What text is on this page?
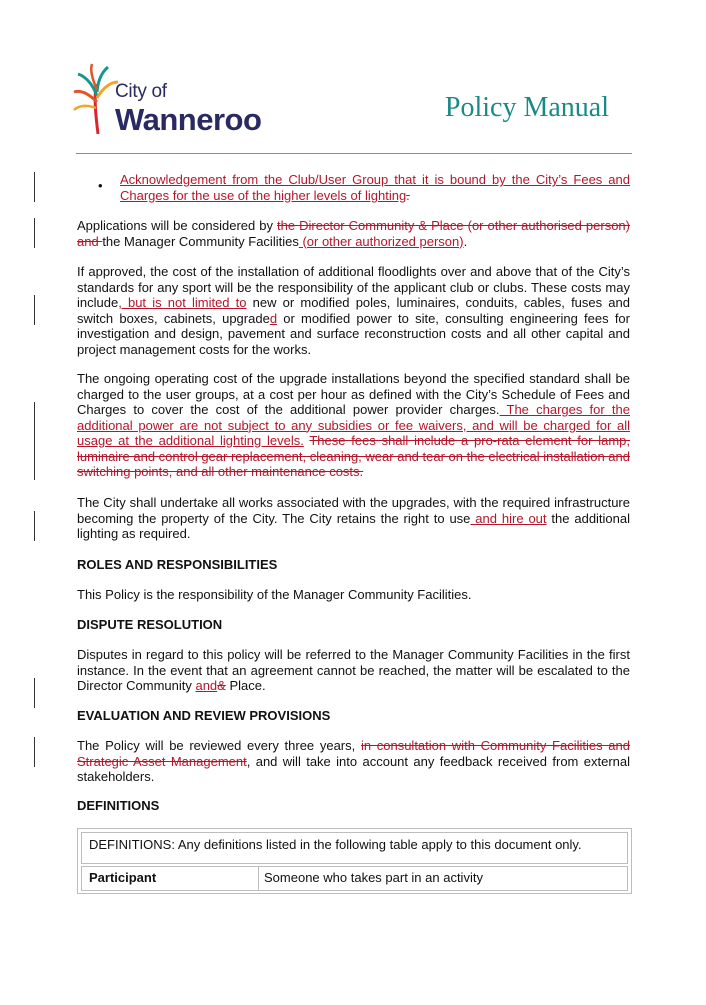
City of
Wanneroo	Policy Manual
• Acknowledgement from the Club/User Group that it is bound by the City’s Fees and Charges for the use of the higher levels of lighting.
Applications will be considered by the Director Community & Place (or other authorised person) and the Manager Community Facilities (or other authorized person).
If approved, the cost of the installation of additional floodlights over and above that of the City’s standards for any sport will be the responsibility of the applicant club or clubs. These costs may include, but is not limited to new or modified poles, luminaires, conduits, cables, fuses and switch boxes, cabinets, upgraded or modified power to site, consulting engineering fees for investigation and design, pavement and surface reconstruction costs and all other capital and project management costs for the works.
The ongoing operating cost of the upgrade installations beyond the specified standard shall be charged to the user groups, at a cost per hour as defined with the City’s Schedule of Fees and Charges to cover the cost of the additional power provider charges. The charges for the additional power are not subject to any subsidies or fee waivers, and will be charged for all usage at the additional lighting levels. These fees shall include a pro-rata element for lamp, luminaire and control gear replacement, cleaning, wear and tear on the electrical installation and switching points, and all other maintenance costs.
The City shall undertake all works associated with the upgrades, with the required infrastructure becoming the property of the City. The City retains the right to use and hire out the additional lighting as required.
ROLES AND RESPONSIBILITIES
This Policy is the responsibility of the Manager Community Facilities.
DISPUTE RESOLUTION
Disputes in regard to this policy will be referred to the Manager Community Facilities in the first instance. In the event that an agreement cannot be reached, the matter will be escalated to the Director Community and& Place.
EVALUATION AND REVIEW PROVISIONS
The Policy will be reviewed every three years, in consultation with Community Facilities and Strategic Asset Management, and will take into account any feedback received from external stakeholders.
DEFINITIONS
DEFINITIONS: Any definitions listed in the following table apply to this document only.
Participant	Someone who takes part in an activity
